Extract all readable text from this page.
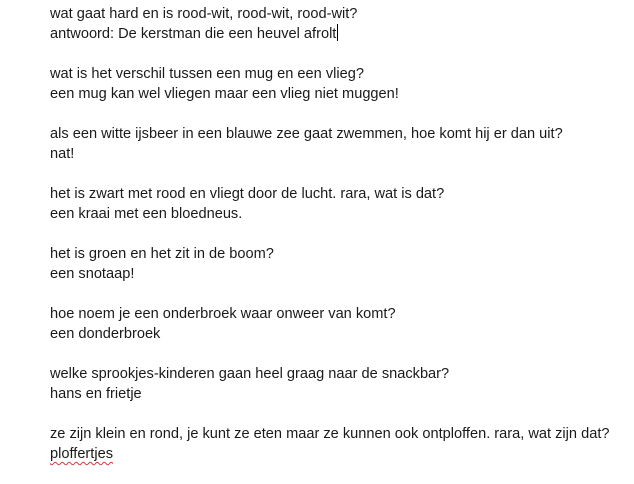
wat gaat hard en is rood-wit, rood-wit, rood-wit?
antwoord: De kerstman die een heuvel afrolt
wat is het verschil tussen een mug en een vlieg?
een mug kan wel vliegen maar een vlieg niet muggen!
als een witte ijsbeer in een blauwe zee gaat zwemmen, hoe komt hij er dan uit?
nat!
het is zwart met rood en vliegt door de lucht. rara, wat is dat?
een kraai met een bloedneus.
het is groen en het zit in de boom?
een snotaap!
hoe noem je een onderbroek waar onweer van komt?
een donderbroek
welke sprookjes-kinderen gaan heel graag naar de snackbar?
hans en frietje
ze zijn klein en rond, je kunt ze eten maar ze kunnen ook ontploffen. rara, wat zijn dat?
ploffertjes
